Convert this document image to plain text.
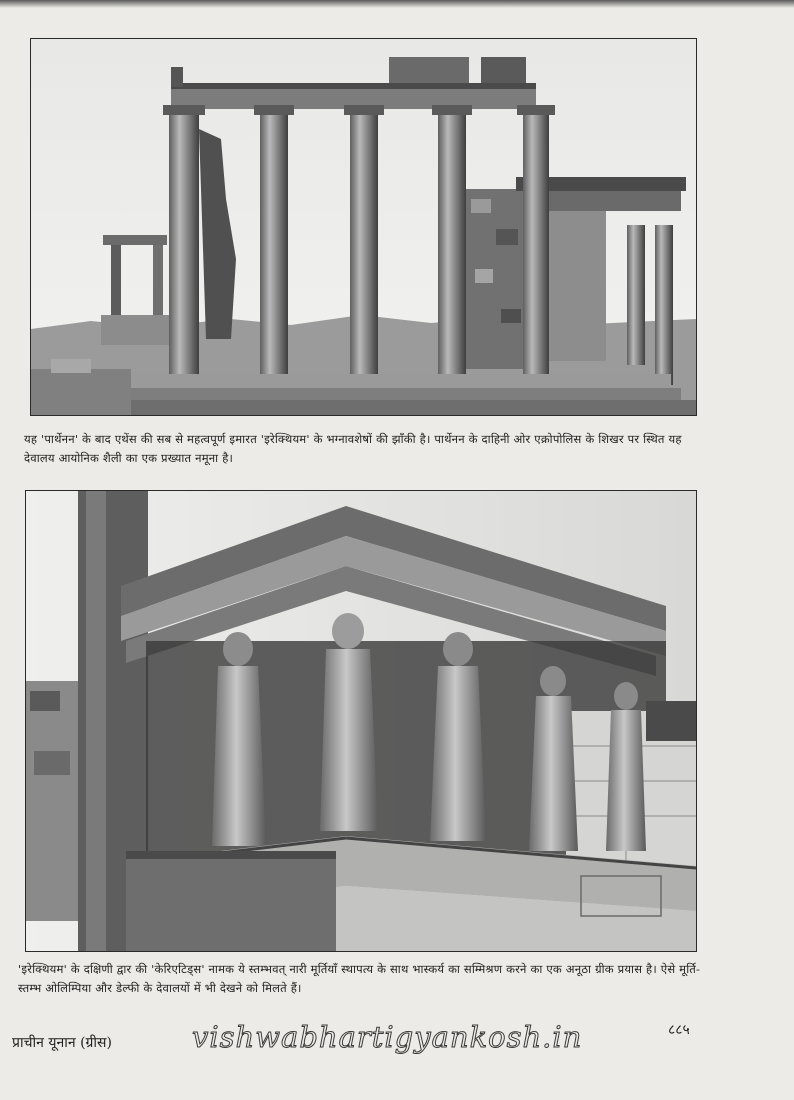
यह 'पार्थेनन' के बाद एथेंस की सब से महत्वपूर्ण इमारत 'इरेक्थियम' के भग्नावशेषों की झाँकी है। पार्थेनन के दाहिनी ओर एक्रोपोलिस के शिखर पर स्थित यह देवालय आयोनिक शैली का एक प्रख्यात नमूना है।
'इरेक्थियम' के दक्षिणी द्वार की 'केरिएटिड्स' नामक ये स्तम्भवत् नारी मूर्तियाँ स्थापत्य के साथ भास्कर्य का सम्मिश्रण करने का एक अनूठा ग्रीक प्रयास है। ऐसे मूर्ति-स्तम्भ ओलिम्पिया और डेल्फी के देवालयों में भी देखने को मिलते हैं।
प्राचीन यूनान (ग्रीस)	vishwabhartigyankosh.in	८८५
